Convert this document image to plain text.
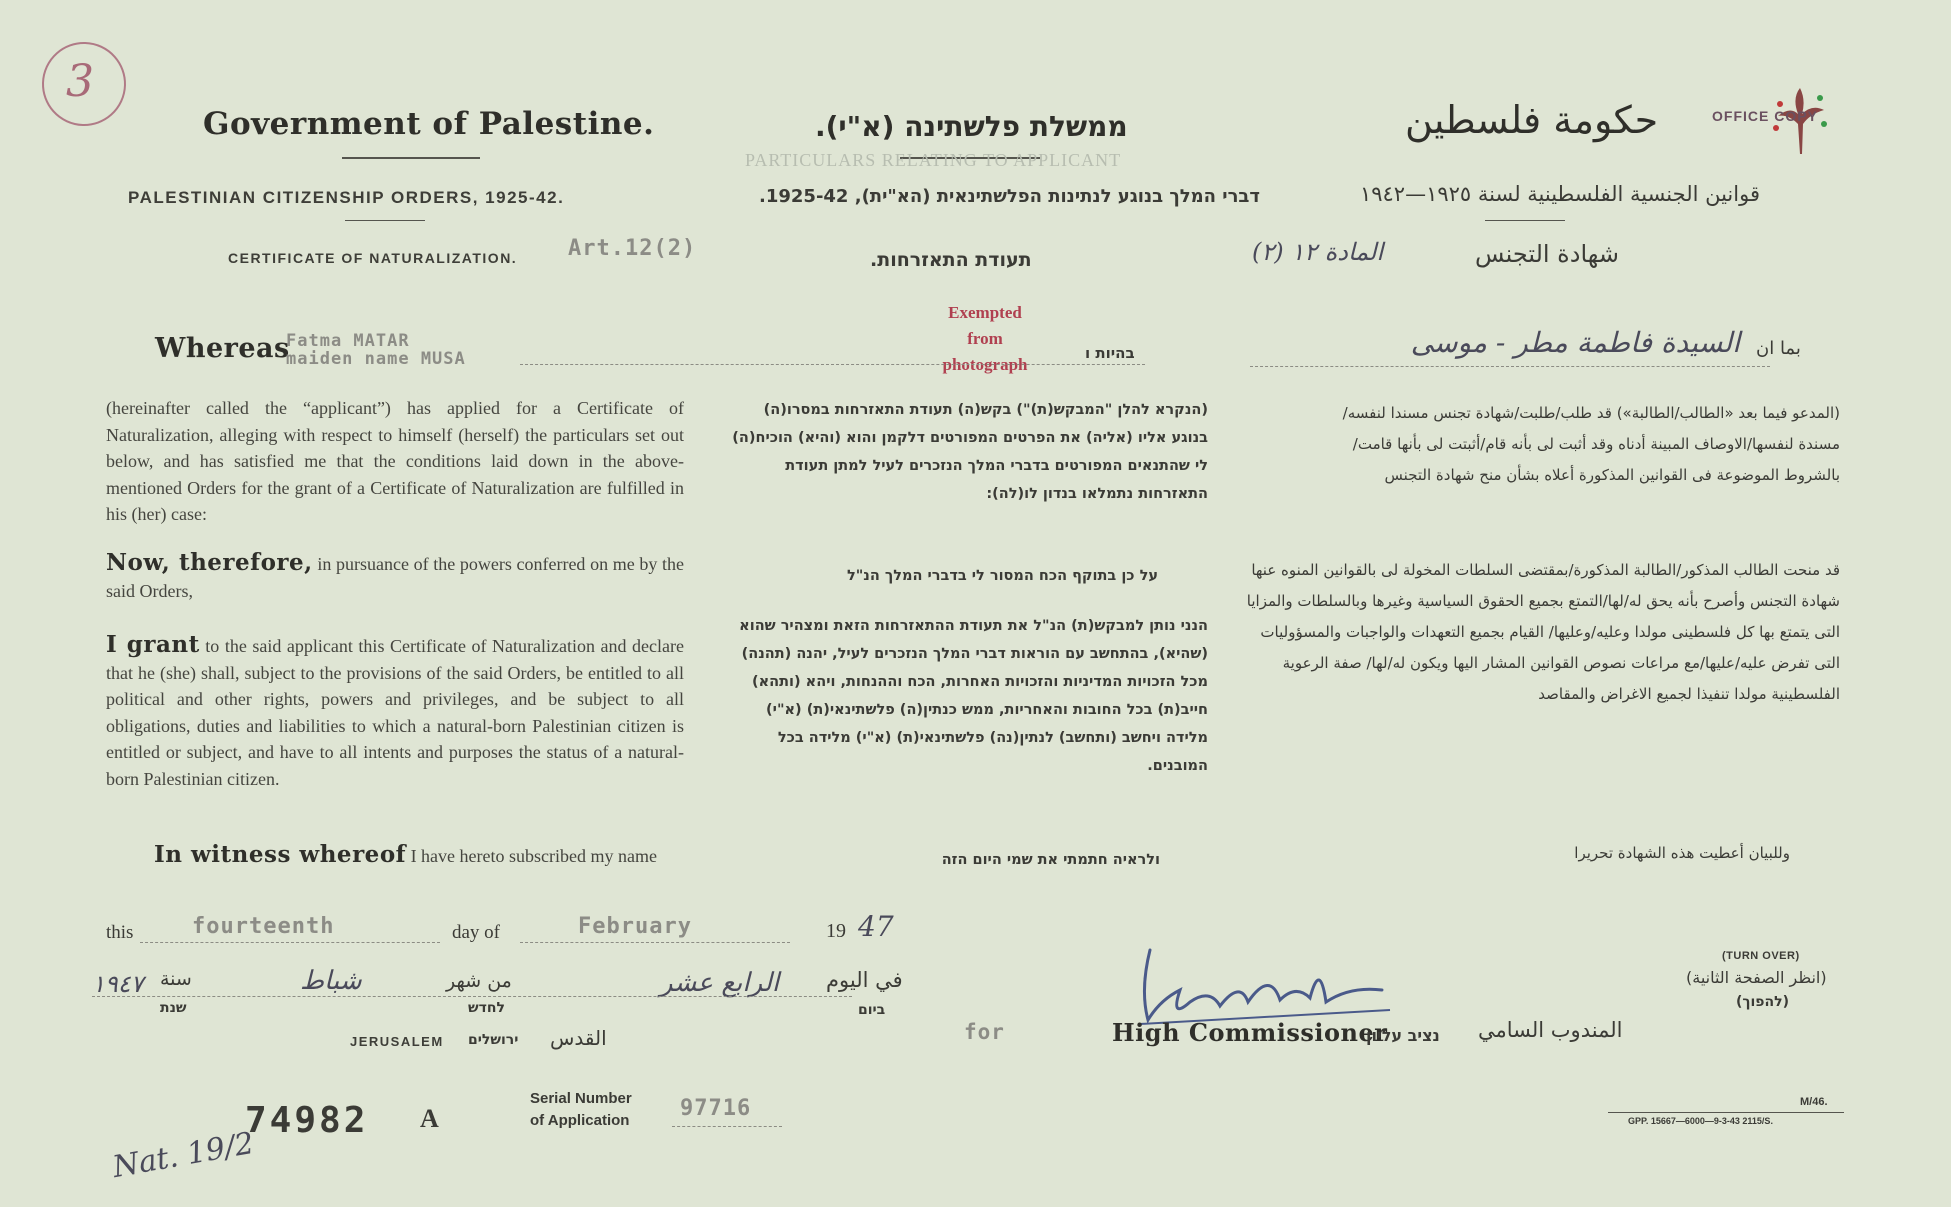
3
Government of Palestine.	ממשלת פלשתינה (א"י).	حكومة فلسطين	OFFICE COPY
PALESTINIAN CITIZENSHIP ORDERS, 1925-42.	דברי המלך בנוגע לנתינות הפלשתינאית (הא"ית), 1925-42.	قوانين الجنسية الفلسطينية لسنة ١٩٢٥—١٩٤٢
PARTICULARS RELATING TO APPLICANT
CERTIFICATE OF NATURALIZATION. Art.12(2)	תעודת התאזרחות.	شهادة التجنس
المادة ١٢ (٢)
Exempted
from
photograph
Whereas
Fatma MATAR
maiden name MUSA	בהיות ו	بما ان
السيدة فاطمة مطر - موسى
(hereinafter called the “applicant”) has applied for a Certificate of Naturalization, alleging with respect to himself (herself) the particulars set out below, and has satisfied me that the conditions laid down in the above-mentioned Orders for the grant of a Certificate of Naturalization are fulfilled in his (her) case:
Now, therefore, in pursuance of the powers conferred on me by the said Orders,
I grant to the said applicant this Certificate of Naturalization and declare that he (she) shall, subject to the provisions of the said Orders, be entitled to all political and other rights, powers and privileges, and be subject to all obligations, duties and liabilities to which a natural-born Palestinian citizen is entitled or subject, and have to all intents and purposes the status of a natural-born Palestinian citizen.
In witness whereof I have hereto subscribed my name
(הנקרא להלן "המבקש(ת)") בקש(ה) תעודת התאזרחות במסרו(ה) בנוגע אליו (אליה) את הפרטים המפורטים דלקמן והוא (והיא) הוכיח(ה) לי שהתנאים המפורטים בדברי המלך הנזכרים לעיל למתן תעודת התאזרחות נתמלאו בנדון לו(לה):
על כן בתוקף הכח המסור לי בדברי המלך הנ"ל
הנני נותן למבקש(ת) הנ"ל את תעודת ההתאזרחות הזאת ומצהיר שהוא (שהיא), בהתחשב עם הוראות דברי המלך הנזכרים לעיל, יהנה (תהנה) מכל הזכויות המדיניות והזכויות האחרות, הכח וההנחות, ויהא (ותהא) חייב(ת) בכל החובות והאחריות, ממש כנתין(ה) פלשתינאי(ת) (א"י) מלידה ויחשב (ותחשב) לנתין(נה) פלשתינאי(ת) (א"י) מלידה בכל המובנים.
ולראיה חתמתי את שמי היום הזה
(المدعو فيما بعد «الطالب/الطالبة») قد طلب/طلبت/شهادة تجنس مسندا لنفسه/ مسندة لنفسها/الاوصاف المبينة أدناه وقد أثبت لى بأنه قام/أثبتت لى بأنها قامت/ بالشروط الموضوعة فى القوانين المذكورة أعلاه بشأن منح شهادة التجنس
قد منحت الطالب المذكور/الطالبة المذكورة/بمقتضى السلطات المخولة لى بالقوانين المنوه عنها شهادة التجنس وأصرح بأنه يحق له/لها/التمتع بجميع الحقوق السياسية وغيرها وبالسلطات والمزايا التى يتمتع بها كل فلسطينى مولدا وعليه/وعليها/ القيام بجميع التعهدات والواجبات والمسؤوليات التى تفرض عليه/عليها/مع مراعات نصوص القوانين المشار اليها ويكون له/لها/ صفة الرعوية الفلسطينية مولدا تنفيذا لجميع الاغراض والمقاصد
وللبيان أعطيت هذه الشهادة تحريرا
this	fourteenth	day of	February	19 47
١٩٤٧ سنة
שנת
شباط	من شهر
לחדש
الرابع عشر في اليوم
ביום
JERUSALEM ירושלים القدس	for	High Commissioner
נציב עליון المندوب السامي
(TURN OVER)
(انظر الصفحة الثانية)
(להפוך)
74982 A
Serial Number
of Application 97716
Nat. 19/2
M/46.
GPP. 15667—6000—9-3-43 2115/S.
